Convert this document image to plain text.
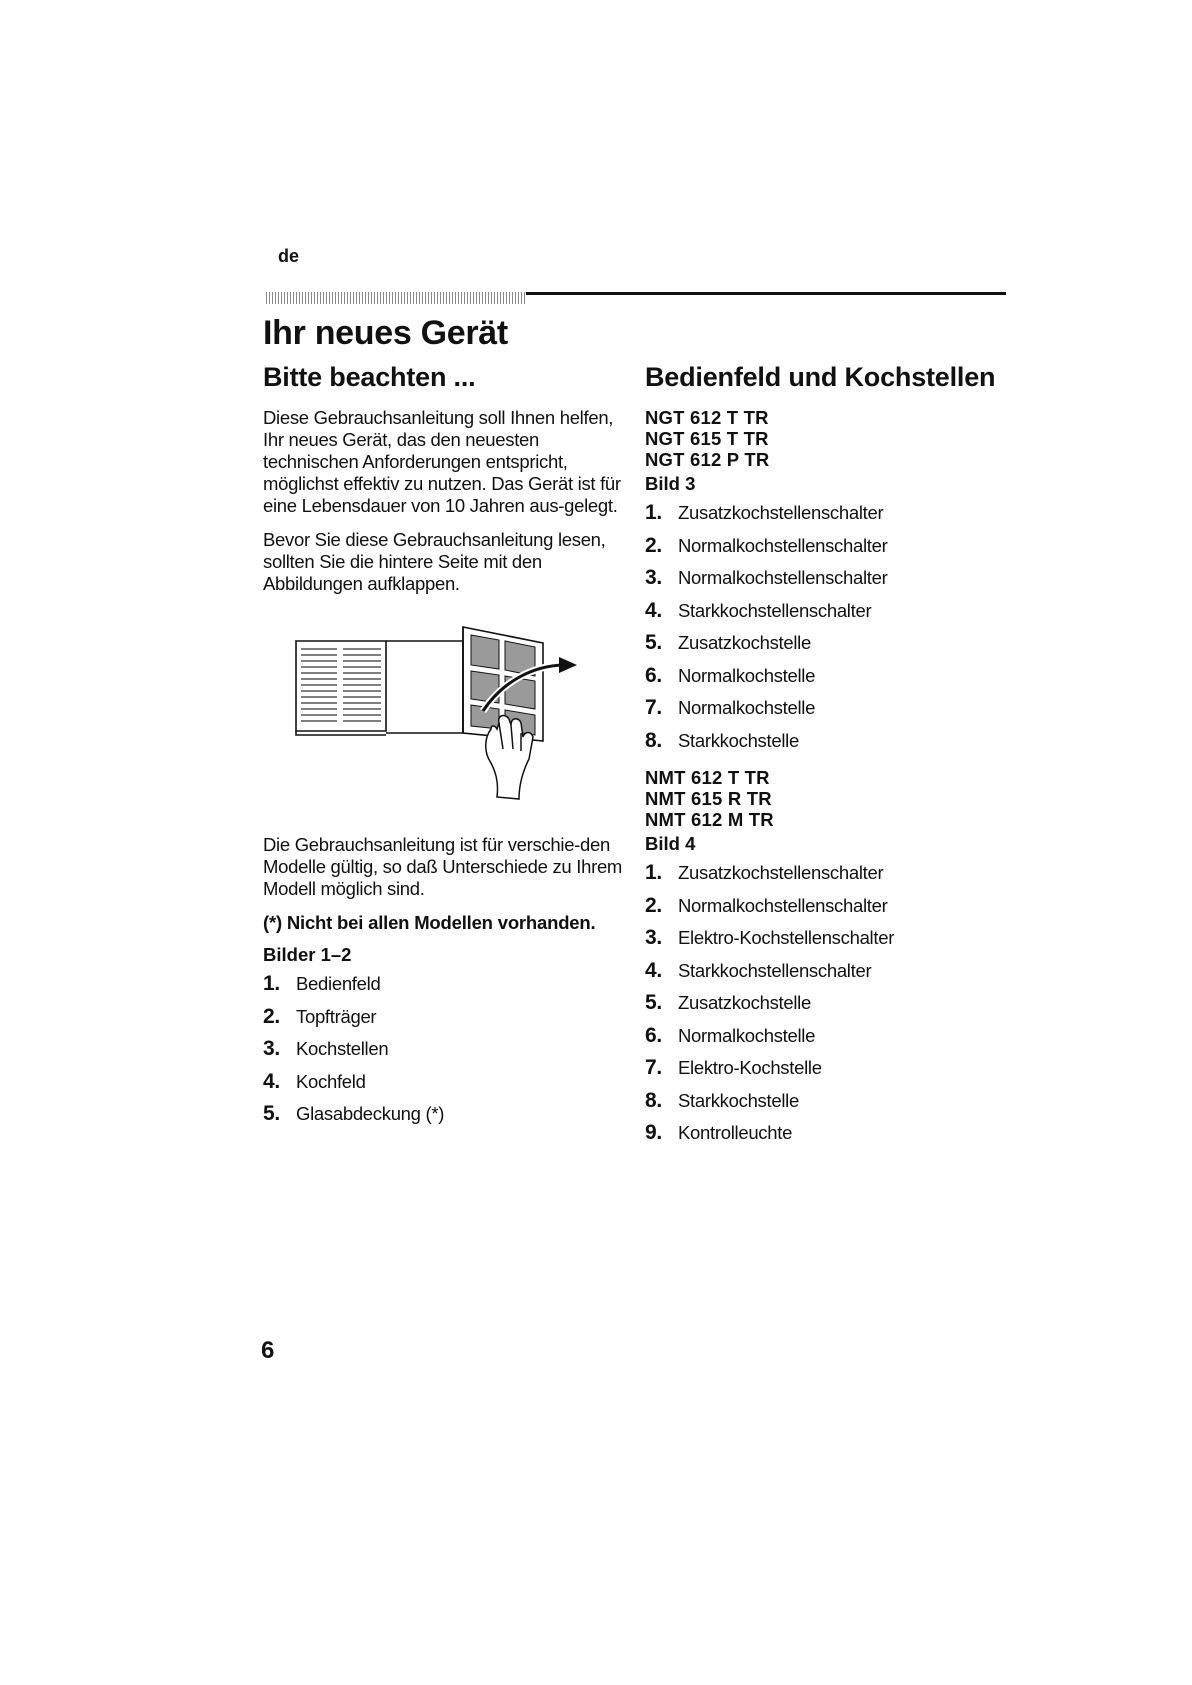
de
Ihr neues Gerät
Bitte beachten ...

Diese Gebrauchsanleitung soll Ihnen helfen, Ihr neues Gerät, das den neuesten technischen Anforderungen entspricht, möglichst effektiv zu nutzen. Das Gerät ist für eine Lebensdauer von 10 Jahren aus-gelegt.

Bevor Sie diese Gebrauchsanleitung lesen, sollten Sie die hintere Seite mit den Abbildungen aufklappen.

Die Gebrauchsanleitung ist für verschie-den Modelle gültig, so daß Unterschiede zu Ihrem Modell möglich sind.

(*) Nicht bei allen Modellen vorhanden.

Bilder 1–2
1. Bedienfeld
2. Topfträger
3. Kochstellen
4. Kochfeld
5. Glasabdeckung (*)
Bedienfeld und Kochstellen
NGT 612 T TR
NGT 615 T TR
NGT 612 P TR
Bild 3
1. Zusatzkochstellenschalter
2. Normalkochstellenschalter
3. Normalkochstellenschalter
4. Starkkochstellenschalter
5. Zusatzkochstelle
6. Normalkochstelle
7. Normalkochstelle
8. Starkkochstelle
NMT 612 T TR
NMT 615 R TR
NMT 612 M TR
Bild 4
1. Zusatzkochstellenschalter
2. Normalkochstellenschalter
3. Elektro-Kochstellenschalter
4. Starkkochstellenschalter
5. Zusatzkochstelle
6. Normalkochstelle
7. Elektro-Kochstelle
8. Starkkochstelle
9. Kontrolleuchte
6
